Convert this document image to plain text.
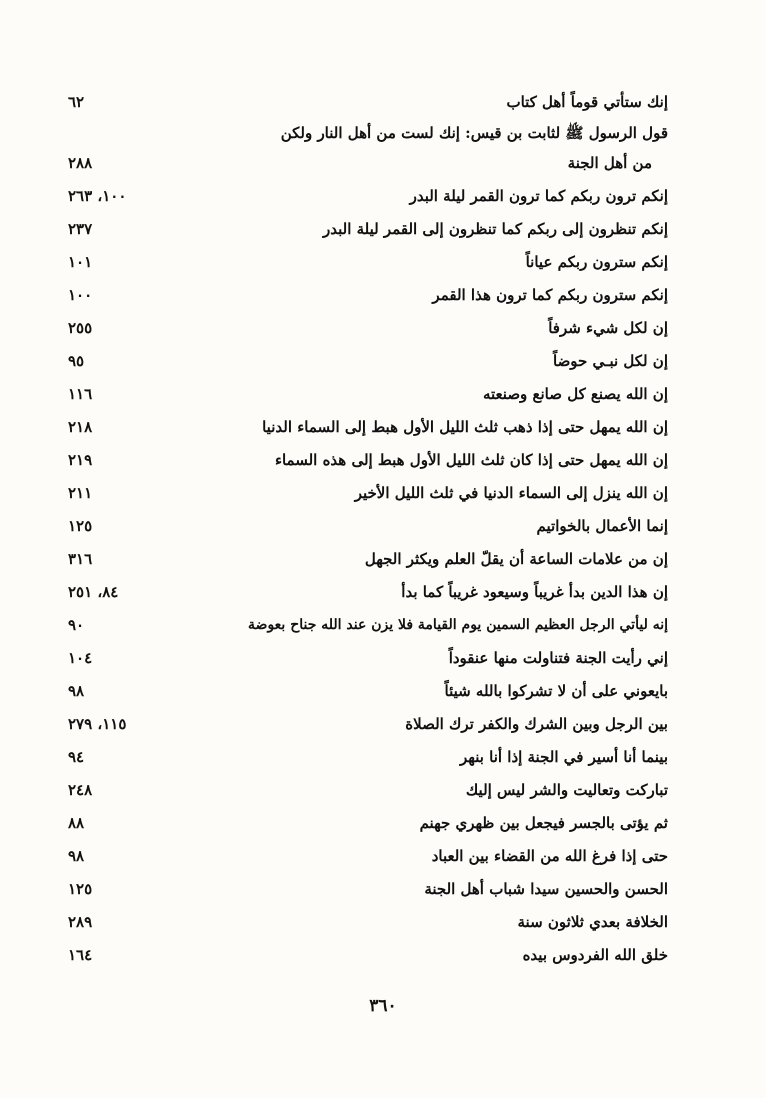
إنك ستأتي قوماً أهل كتاب
٦٢
قول الرسول ﷺ لثابت بن قيس: إنك لست من أهل النار ولكن
من أهل الجنة
٢٨٨
إنكم ترون ربكم كما ترون القمر ليلة البدر
١٠٠، ٢٦٣
إنكم تنظرون إلى ربكم كما تنظرون إلى القمر ليلة البدر
٢٣٧
إنكم سترون ربكم عياناً
١٠١
إنكم سترون ربكم كما ترون هذا القمر
١٠٠
إن لكل شيء شرفاً
٢٥٥
إن لكل نبـي حوضاً
٩٥
إن الله يصنع كل صانع وصنعته
١١٦
إن الله يمهل حتى إذا ذهب ثلث الليل الأول هبط إلى السماء الدنيا
٢١٨
إن الله يمهل حتى إذا كان ثلث الليل الأول هبط إلى هذه السماء
٢١٩
إن الله ينزل إلى السماء الدنيا في ثلث الليل الأخير
٢١١
إنما الأعمال بالخواتيم
١٢٥
إن من علامات الساعة أن يقلّ العلم ويكثر الجهل
٣١٦
إن هذا الدين بدأ غريباً وسيعود غريباً كما بدأ
٨٤، ٢٥١
إنه ليأتي الرجل العظيم السمين يوم القيامة فلا يزن عند الله جناح بعوضة
٩٠
إني رأيت الجنة فتناولت منها عنقوداً
١٠٤
بايعوني على أن لا تشركوا بالله شيئاً
٩٨
بين الرجل وبين الشرك والكفر ترك الصلاة
١١٥، ٢٧٩
بينما أنا أسير في الجنة إذا أنا بنهر
٩٤
تباركت وتعاليت والشر ليس إليك
٢٤٨
ثم يؤتى بالجسر فيجعل بين ظهري جهنم
٨٨
حتى إذا فرغ الله من القضاء بين العباد
٩٨
الحسن والحسين سيدا شباب أهل الجنة
١٢٥
الخلافة بعدي ثلاثون سنة
٢٨٩
خلق الله الفردوس بيده
١٦٤
٣٦٠
